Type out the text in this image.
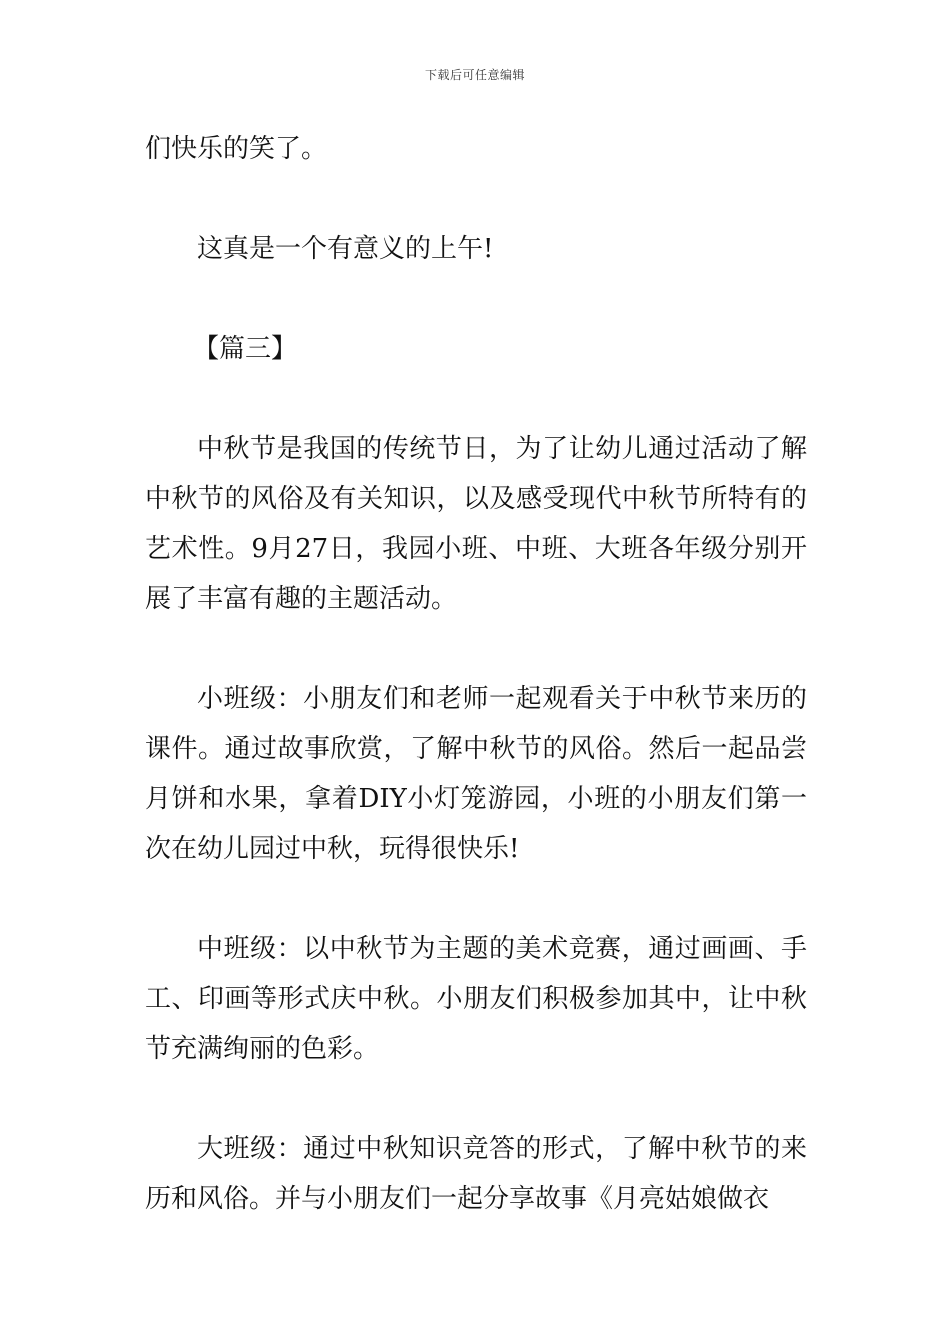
下载后可任意编辑

们快乐的笑了。

这真是一个有意义的上午!

【篇三】

中秋节是我国的传统节日，为了让幼儿通过活动了解中秋节的风俗及有关知识，以及感受现代中秋节所特有的艺术性。9月27日，我园小班、中班、大班各年级分别开展了丰富有趣的主题活动。

小班级：小朋友们和老师一起观看关于中秋节来历的课件。通过故事欣赏，了解中秋节的风俗。然后一起品尝月饼和水果，拿着DIY小灯笼游园，小班的小朋友们第一次在幼儿园过中秋，玩得很快乐!

中班级：以中秋节为主题的美术竞赛，通过画画、手工、印画等形式庆中秋。小朋友们积极参加其中，让中秋节充满绚丽的色彩。

大班级：通过中秋知识竞答的形式，了解中秋节的来历和风俗。并与小朋友们一起分享故事《月亮姑娘做衣
